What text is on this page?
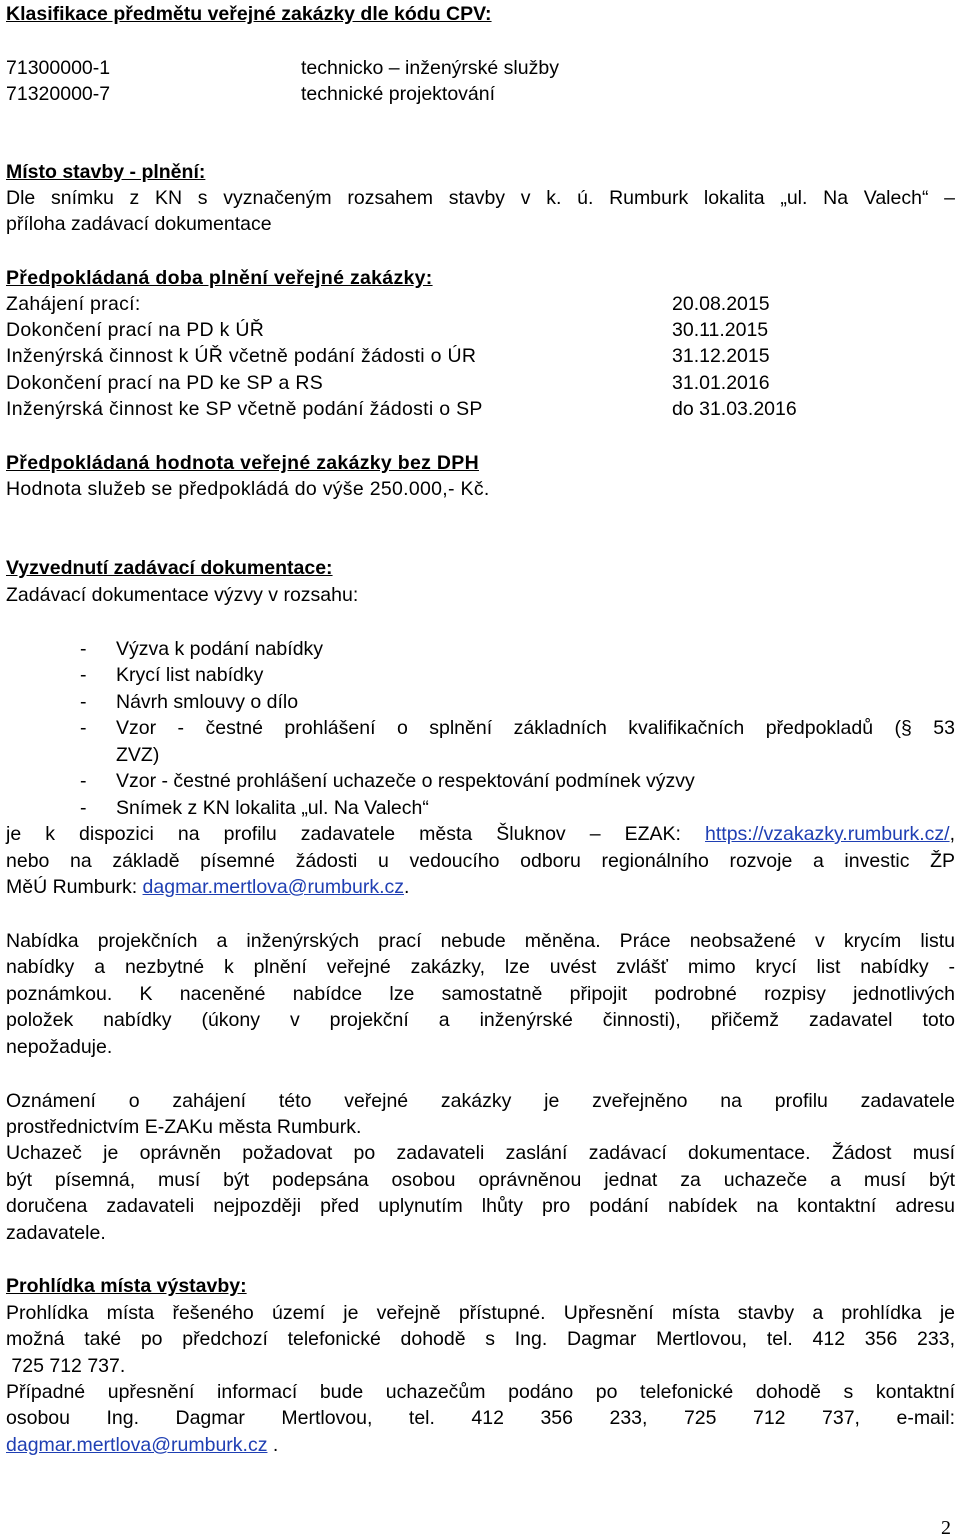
Klasifikace předmětu veřejné zakázky dle kódu CPV:
71300000-1	technicko – inženýrské služby
71320000-7	technické projektování
Místo stavby - plnění:
Dle snímku z KN s vyznačeným rozsahem stavby v k. ú. Rumburk lokalita „ul. Na Valech“ –
příloha zadávací dokumentace
Předpokládaná doba plnění veřejné zakázky:
Zahájení prací:	20.08.2015
Dokončení prací na PD k ÚŘ	30.11.2015
Inženýrská činnost k ÚŘ včetně podání žádosti o ÚR	31.12.2015
Dokončení prací na PD ke SP a RS	31.01.2016
Inženýrská činnost ke SP včetně podání žádosti o SP	do 31.03.2016
Předpokládaná hodnota veřejné zakázky bez DPH
Hodnota služeb se předpokládá do výše 250.000,- Kč.
Vyzvednutí zadávací dokumentace:
Zadávací dokumentace výzvy v rozsahu:
- Výzva k podání nabídky
- Krycí list nabídky
- Návrh smlouvy o dílo
- Vzor - čestné prohlášení o splnění základních kvalifikačních předpokladů (§ 53
ZVZ)
- Vzor - čestné prohlášení uchazeče o respektování podmínek výzvy
- Snímek z KN lokalita „ul. Na Valech“
je k dispozici na profilu zadavatele města Šluknov – EZAK: https://vzakazky.rumburk.cz/,
nebo na základě písemné žádosti u vedoucího odboru regionálního rozvoje a investic ŽP
MěÚ Rumburk: dagmar.mertlova@rumburk.cz.
Nabídka projekčních a inženýrských prací nebude měněna. Práce neobsažené v krycím listu
nabídky a nezbytné k plnění veřejné zakázky, lze uvést zvlášť mimo krycí list nabídky -
poznámkou. K naceněné nabídce lze samostatně připojit podrobné rozpisy jednotlivých
položek nabídky (úkony v projekční a inženýrské činnosti), přičemž zadavatel toto
nepožaduje.
Oznámení o zahájení této veřejné zakázky je zveřejněno na profilu zadavatele
prostřednictvím E-ZAKu města Rumburk.
Uchazeč je oprávněn požadovat po zadavateli zaslání zadávací dokumentace. Žádost musí
být písemná, musí být podepsána osobou oprávněnou jednat za uchazeče a musí být
doručena zadavateli nejpozději před uplynutím lhůty pro podání nabídek na kontaktní adresu
zadavatele.
Prohlídka místa výstavby:
Prohlídka místa řešeného území je veřejně přístupné. Upřesnění místa stavby a prohlídka je
možná také po předchozí telefonické dohodě s Ing. Dagmar Mertlovou, tel. 412 356 233,
725 712 737.
Případné upřesnění informací bude uchazečům podáno po telefonické dohodě s kontaktní
osobou Ing. Dagmar Mertlovou, tel. 412 356 233, 725 712 737, e-mail:
dagmar.mertlova@rumburk.cz .
2
